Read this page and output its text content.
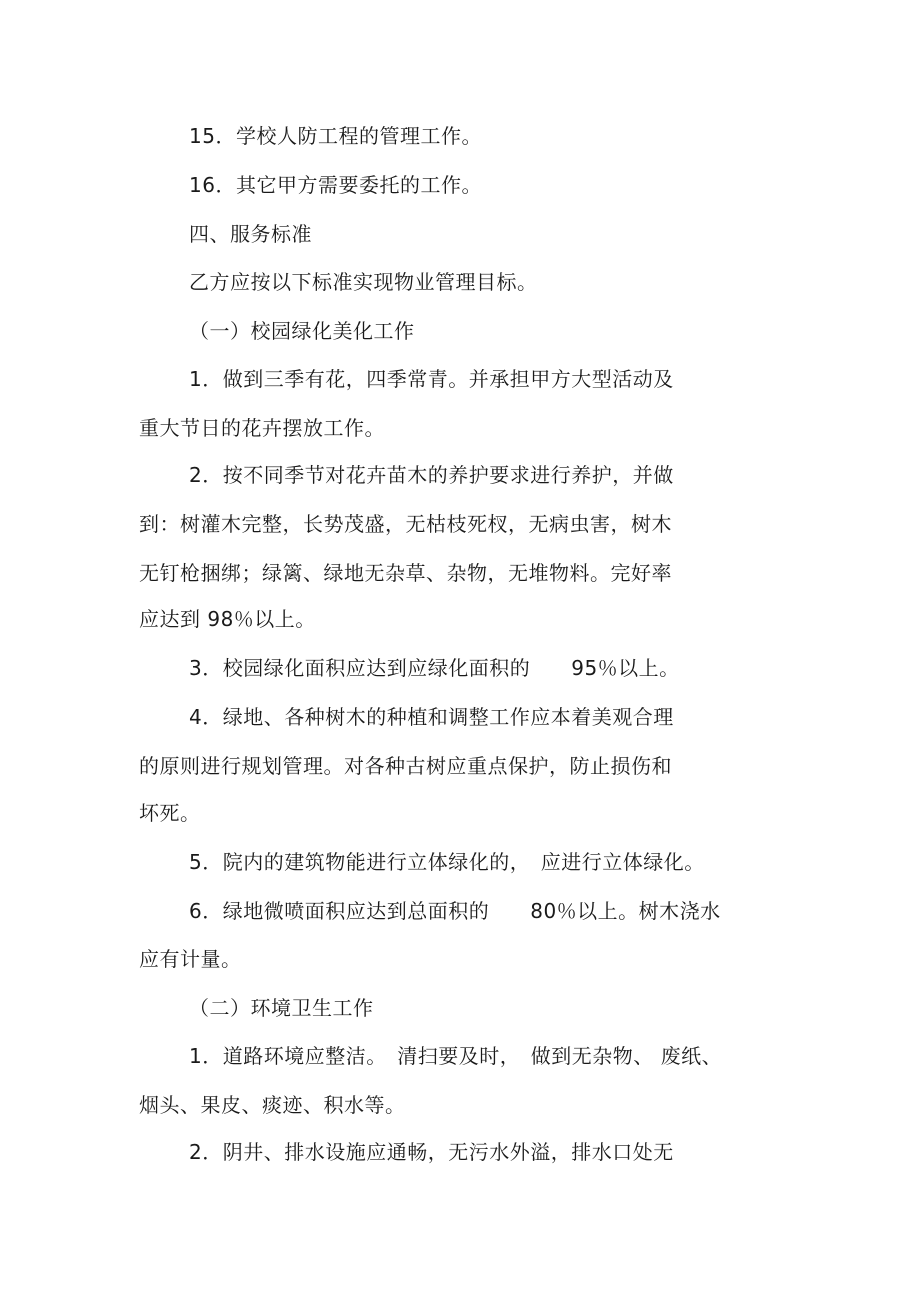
15．学校人防工程的管理工作。
16．其它甲方需要委托的工作。
四、服务标准
乙方应按以下标准实现物业管理目标。
（一）校园绿化美化工作
1．做到三季有花，四季常青。并承担甲方大型活动及
重大节日的花卉摆放工作。
2．按不同季节对花卉苗木的养护要求进行养护，并做
到：树灌木完整，长势茂盛，无枯枝死杈，无病虫害，树木
无钉枪捆绑；绿篱、绿地无杂草、杂物，无堆物料。完好率
应达到 98％以上。
3．校园绿化面积应达到应绿化面积的　　95％以上。
4．绿地、各种树木的种植和调整工作应本着美观合理
的原则进行规划管理。对各种古树应重点保护，防止损伤和
坏死。
5．院内的建筑物能进行立体绿化的，　应进行立体绿化。
6．绿地微喷面积应达到总面积的　　80％以上。树木浇水
应有计量。
（二）环境卫生工作
1．道路环境应整洁。　清扫要及时，　做到无杂物、 废纸、
烟头、果皮、痰迹、积水等。
2．阴井、排水设施应通畅，无污水外溢，排水口处无
